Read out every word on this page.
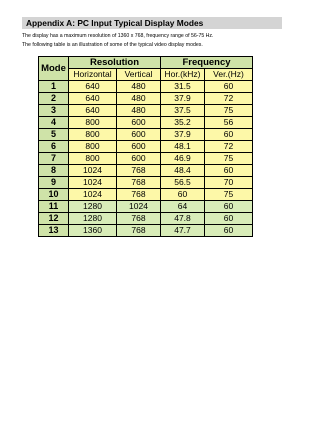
Appendix A: PC Input Typical Display Modes
The display has a maximum resolution of 1360 x 768, frequency range of 56-75 Hz.
The following table is an illustration of some of the typical video display modes.
Mode	Resolution		Frequency	
	Horizontal	Vertical	Hor.(kHz)	Ver.(Hz)
1	640	480	31.5	60
2	640	480	37.9	72
3	640	480	37.5	75
4	800	600	35.2	56
5	800	600	37.9	60
6	800	600	48.1	72
7	800	600	46.9	75
8	1024	768	48.4	60
9	1024	768	56.5	70
10	1024	768	60	75
11	1280	1024	64	60
12	1280	768	47.8	60
13	1360	768	47.7	60
